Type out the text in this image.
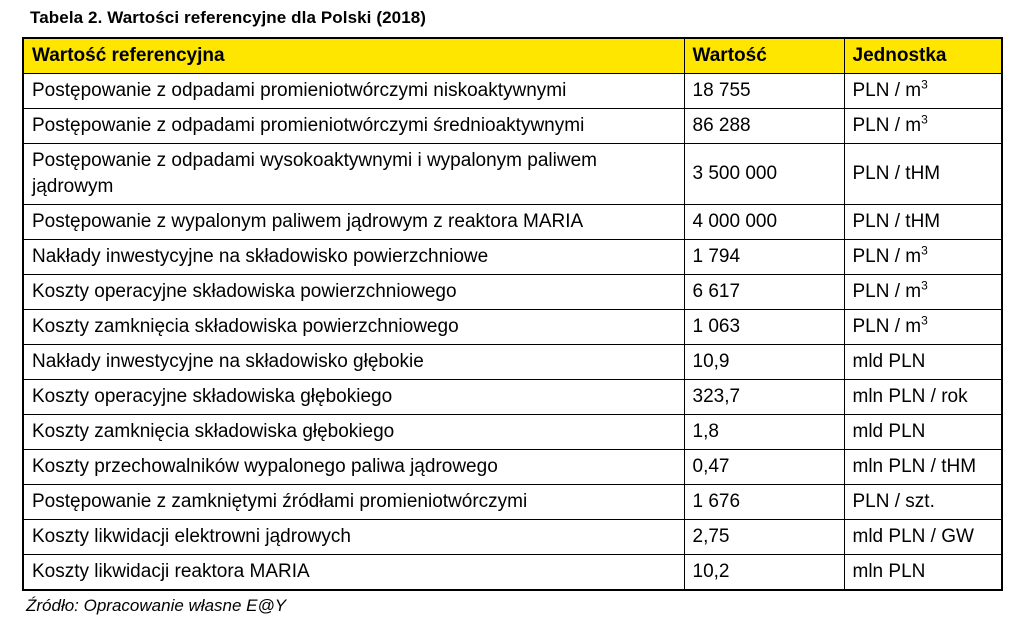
Tabela 2. Wartości referencyjne dla Polski (2018)
Wartość referencyjna	Wartość	Jednostka
Postępowanie z odpadami promieniotwórczymi niskoaktywnymi	18 755	PLN / $m^3$
Postępowanie z odpadami promieniotwórczymi średnioaktywnymi	86 288	PLN / $m^3$
Postępowanie z odpadami wysokoaktywnymi i wypalonym paliwem jądrowym	3 500 000	PLN / tHM
Postępowanie z wypalonym paliwem jądrowym z reaktora MARIA	4 000 000	PLN / tHM
Nakłady inwestycyjne na składowisko powierzchniowe	1 794	PLN / $m^3$
Koszty operacyjne składowiska powierzchniowego	6 617	PLN / $m^3$
Koszty zamknięcia składowiska powierzchniowego	1 063	PLN / $m^3$
Nakłady inwestycyjne na składowisko głębokie	10,9	mld PLN
Koszty operacyjne składowiska głębokiego	323,7	mln PLN / rok
Koszty zamknięcia składowiska głębokiego	1,8	mld PLN
Koszty przechowalników wypalonego paliwa jądrowego	0,47	mln PLN / tHM
Postępowanie z zamkniętymi źródłami promieniotwórczymi	1 676	PLN / szt.
Koszty likwidacji elektrowni jądrowych	2,75	mld PLN / GW
Koszty likwidacji reaktora MARIA	10,2	mln PLN
Źródło: Opracowanie własne E@Y
